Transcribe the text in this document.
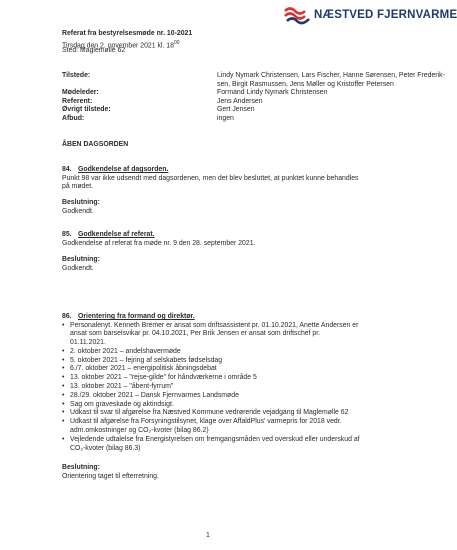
NÆSTVED FJERNVARME
Referat fra bestyrelsesmøde nr. 10-2021
Tirsdag den 2. november 2021 kl. $18^{00}$
Sted: Maglemølle 62
Tilstede:	Lindy Nymark Christensen, Lars Fischer, Hanne Sørensen, Peter Frederik-
sen, Birgit Rasmussen, Jens Møller og Kristoffer Petersen
Mødeleder:	Formand Lindy Nymark Christensen
Referent:	Jens Andersen
Øvrigt tilstede:	Gert Jensen
Afbud:	ingen
ÅBEN DAGSORDEN
84. Godkendelse af dagsorden.
Punkt 98 var ikke udsendt med dagsordenen, men det blev besluttet, at punktet kunne behandles
på mødet.
Beslutning:
Godkendt.
85. Godkendelse af referat.
Godkendelse af referat fra møde nr. 9 den 28. september 2021.
Beslutning:
Godkendt.
86. Orientering fra formand og direktør.
• Personalenyt. Kenneth Bremer er ansat som driftsassistent pr. 01.10.2021, Anette Andersen er
ansat som barselsvikar pr. 04.10.2021, Per Brik Jensen er ansat som driftschef pr.
01.11.2021.
• 2. oktober 2021 – andelshavermøde
• 5. oktober 2021 – fejring af selskabets fødselsdag
• 6./7. oktober 2021 – energipolitisk åbningsdebat
• 13. oktober 2021 – "rejse-gilde" for håndværkerne i område 5
• 13. oktober 2021 – "åbent-fyrrum"
• 28./29. oktober 2021 – Dansk Fjernvarmes Landsmøde
• Sag om graveskade og aktindsigt.
• Udkast til svar til afgørelse fra Næstved Kommune vedrørende vejadgang til Maglemølle 62
• Udkast til afgørelse fra Forsyningstilsynet, klage over AffaldPlus' varmepris for 2018 vedr.
adm.omkostninger og CO₂-kvoter (bilag 86.2)
• Vejledende udtalelse fra Energistyrelsen om fremgangsmåden ved overskud eller underskud af
CO₂-kvoter (bilag 86.3)
Beslutning:
Orientering taget til efterretning.
1
